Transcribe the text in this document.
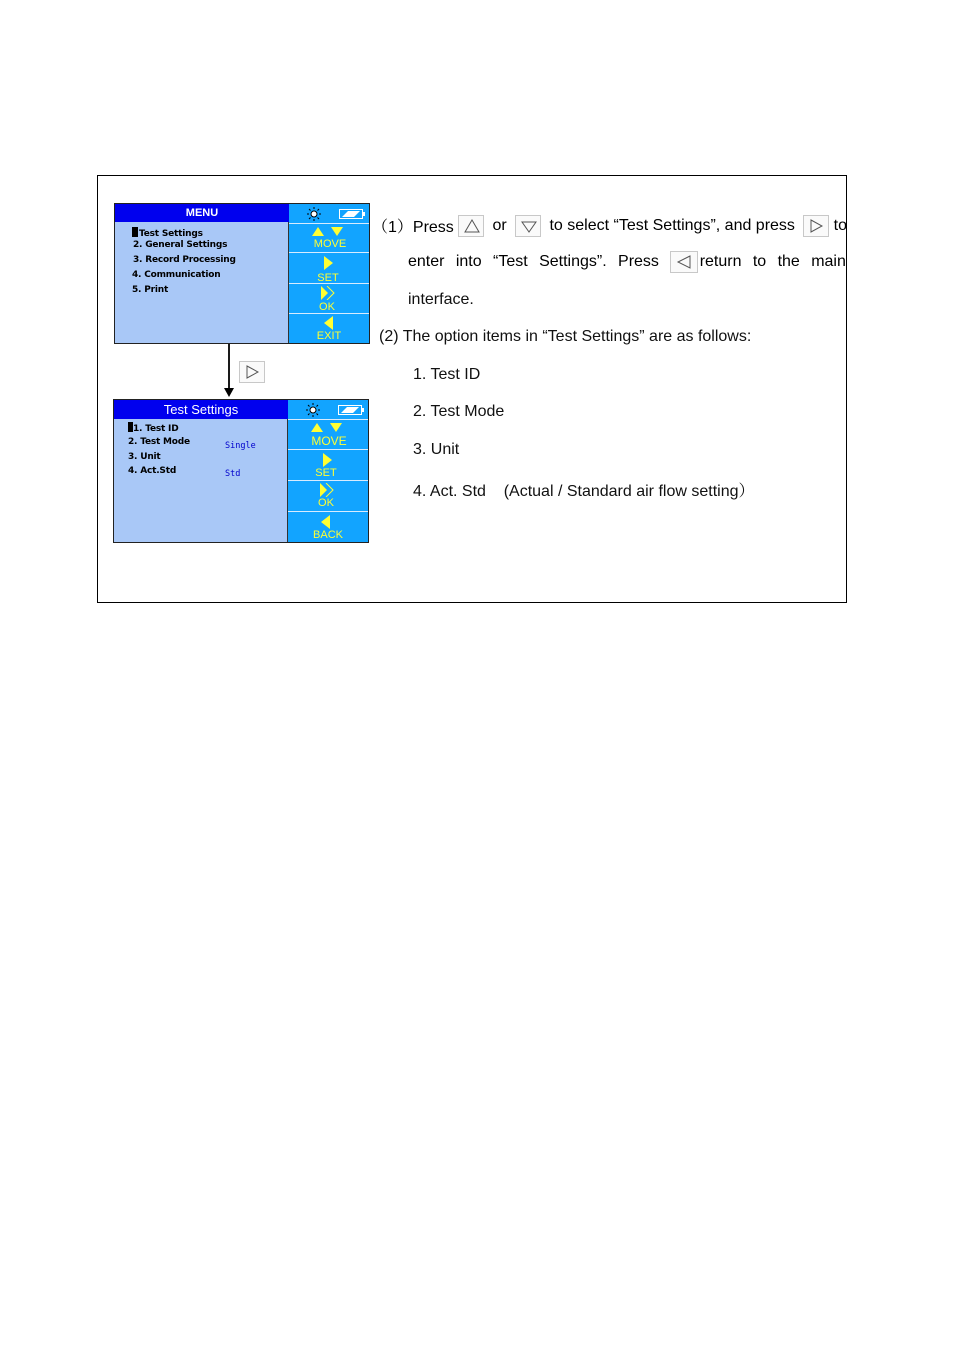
MENU
Test Settings
2. General Settings
3. Record Processing
4. Communication
5. Print
MOVE
SET
OK
EXIT
Test Settings
1. Test ID
2. Test Mode	Single
3. Unit
4. Act.Std	Std
MOVE
SET
OK
BACK
（1）Press or	to select “Test Settings”, and press to
enter into “Test Settings”. Press	return to the main
interface.
(2) The option items in “Test Settings” are as follows:
1. Test ID
2. Test Mode
3. Unit
4. Act. Std    (Actual / Standard air flow setting）
